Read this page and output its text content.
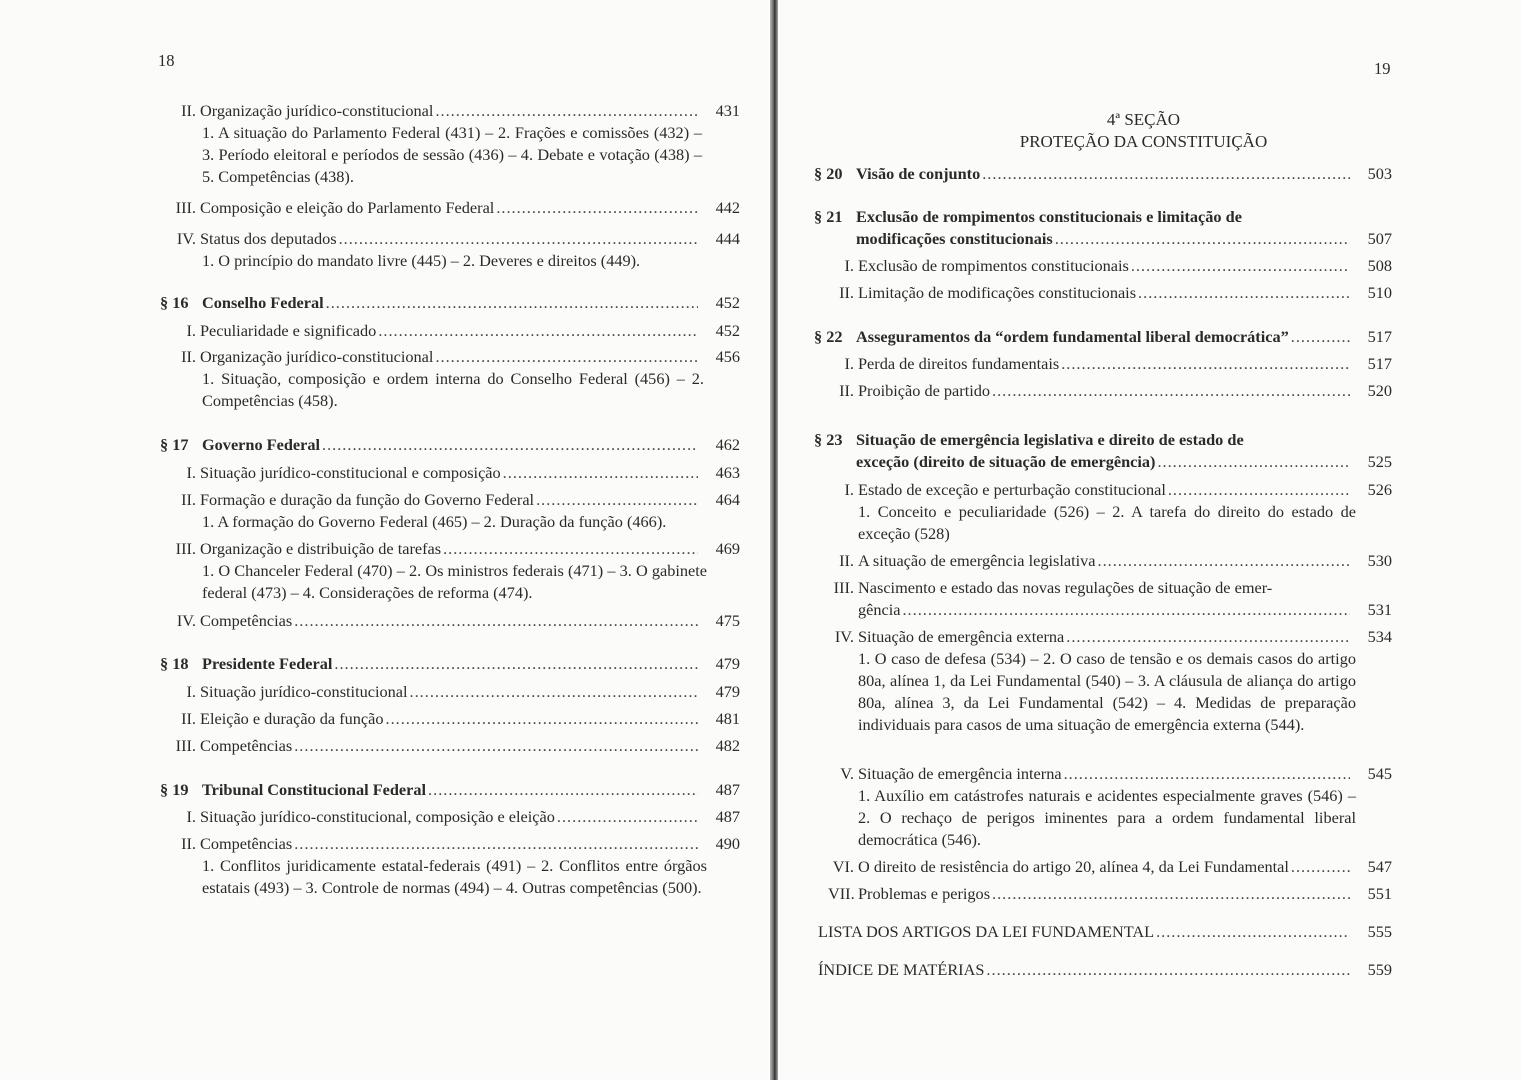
18
II. Organização jurídico-constitucional .....	431
1. A situação do Parlamento Federal (431) – 2. Frações e comissões (432) – 3. Período eleitoral e períodos de sessão (436) – 4. Debate e votação (438) – 5. Competências (438).
III. Composição e eleição do Parlamento Federal .....	442
IV. Status dos deputados .....	444
1. O princípio do mandato livre (445) – 2. Deveres e direitos (449).
§ 16 Conselho Federal .....	452
I. Peculiaridade e significado .....	452
II. Organização jurídico-constitucional .....	456
1. Situação, composição e ordem interna do Conselho Federal (456) – 2. Competências (458).
§ 17 Governo Federal .....	462
I. Situação jurídico-constitucional e composição .....	463
II. Formação e duração da função do Governo Federal .....	464
1. A formação do Governo Federal (465) – 2. Duração da função (466).
III. Organização e distribuição de tarefas .....	469
1. O Chanceler Federal (470) – 2. Os ministros federais (471) – 3. O gabinete federal (473) – 4. Considerações de reforma (474).
IV. Competências .....	475
§ 18 Presidente Federal .....	479
I. Situação jurídico-constitucional .....	479
II. Eleição e duração da função .....	481
III. Competências .....	482
§ 19 Tribunal Constitucional Federal .....	487
I. Situação jurídico-constitucional, composição e eleição .....	487
II. Competências .....	490
1. Conflitos juridicamente estatal-federais (491) – 2. Conflitos entre órgãos estatais (493) – 3. Controle de normas (494) – 4. Outras competências (500).
19
4ª SEÇÃO
PROTEÇÃO DA CONSTITUIÇÃO
§ 20 Visão de conjunto .....	503
§ 21 Exclusão de rompimentos constitucionais e limitação de
modificações constitucionais .....	507
I. Exclusão de rompimentos constitucionais .....	508
II. Limitação de modificações constitucionais .....	510
§ 22 Asseguramentos da “ordem fundamental liberal democrática” .....	517
I. Perda de direitos fundamentais .....	517
II. Proibição de partido .....	520
§ 23 Situação de emergência legislativa e direito de estado de
exceção (direito de situação de emergência) .....	525
I. Estado de exceção e perturbação constitucional .....	526
1. Conceito e peculiaridade (526) – 2. A tarefa do direito do estado de exceção (528)
II. A situação de emergência legislativa .....	530
III. Nascimento e estado das novas regulações de situação de emer-
gência .....	531
IV. Situação de emergência externa .....	534
1. O caso de defesa (534) – 2. O caso de tensão e os demais casos do artigo 80a, alínea 1, da Lei Fundamental (540) – 3. A cláusula de aliança do artigo 80a, alínea 3, da Lei Fundamental (542) – 4. Medidas de preparação individuais para casos de uma situação de emergência externa (544).
V. Situação de emergência interna .....	545
1. Auxílio em catástrofes naturais e acidentes especialmente graves (546) – 2. O rechaço de perigos iminentes para a ordem fundamental liberal democrática (546).
VI. O direito de resistência do artigo 20, alínea 4, da Lei Fundamental .....	547
VII. Problemas e perigos .....	551
LISTA DOS ARTIGOS DA LEI FUNDAMENTAL .....	555
ÍNDICE DE MATÉRIAS .....	559
